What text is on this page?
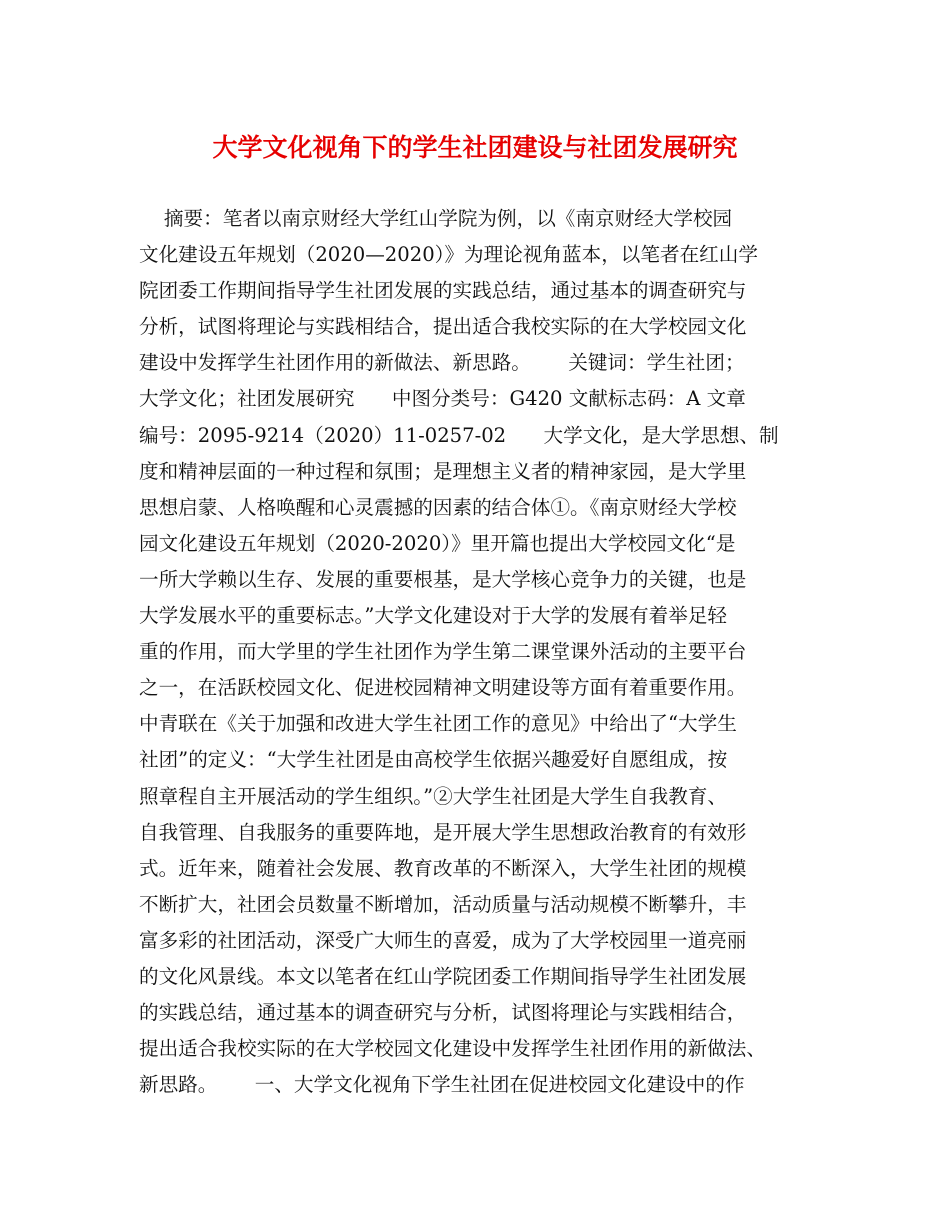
大学文化视角下的学生社团建设与社团发展研究
摘要：笔者以南京财经大学红山学院为例，以《南京财经大学校园
文化建设五年规划（2020—2020）》为理论视角蓝本，以笔者在红山学
院团委工作期间指导学生社团发展的实践总结，通过基本的调查研究与
分析，试图将理论与实践相结合，提出适合我校实际的在大学校园文化
建设中发挥学生社团作用的新做法、新思路。      关键词：学生社团；
大学文化；社团发展研究      中图分类号：G420 文献标志码：A 文章
编号：2095-9214（2020）11-0257-02      大学文化，是大学思想、制
度和精神层面的一种过程和氛围；是理想主义者的精神家园，是大学里
思想启蒙、人格唤醒和心灵震撼的因素的结合体①。《南京财经大学校
园文化建设五年规划（2020-2020）》里开篇也提出大学校园文化“是
一所大学赖以生存、发展的重要根基，是大学核心竞争力的关键，也是
大学发展水平的重要标志。”大学文化建设对于大学的发展有着举足轻
重的作用，而大学里的学生社团作为学生第二课堂课外活动的主要平台
之一，在活跃校园文化、促进校园精神文明建设等方面有着重要作用。
中青联在《关于加强和改进大学生社团工作的意见》中给出了“大学生
社团”的定义：“大学生社团是由高校学生依据兴趣爱好自愿组成，按
照章程自主开展活动的学生组织。”②大学生社团是大学生自我教育、
自我管理、自我服务的重要阵地，是开展大学生思想政治教育的有效形
式。近年来，随着社会发展、教育改革的不断深入，大学生社团的规模
不断扩大，社团会员数量不断增加，活动质量与活动规模不断攀升，丰
富多彩的社团活动，深受广大师生的喜爱，成为了大学校园里一道亮丽
的文化风景线。本文以笔者在红山学院团委工作期间指导学生社团发展
的实践总结，通过基本的调查研究与分析，试图将理论与实践相结合，
提出适合我校实际的在大学校园文化建设中发挥学生社团作用的新做法、
新思路。      一、大学文化视角下学生社团在促进校园文化建设中的作
